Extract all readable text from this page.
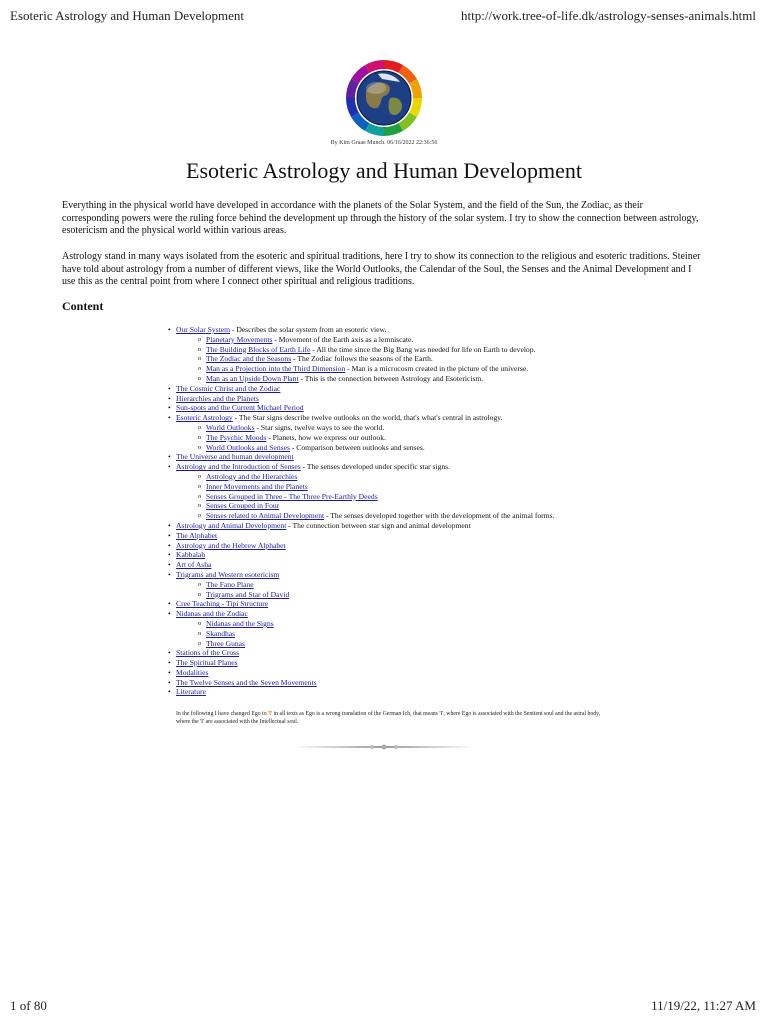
Esoteric Astrology and Human Development	http://work.tree-of-life.dk/astrology-senses-animals.html
By Kim Graae Munch. 06/16/2022 22:36:56
Esoteric Astrology and Human Development

Everything in the physical world have developed in accordance with the planets of the Solar System, and the field of the Sun, the Zodiac, as their corresponding powers were the ruling force behind the development up through the history of the solar system. I try to show the connection between astrology, esotericism and the physical world within various areas.

Astrology stand in many ways isolated from the esoteric and spiritual traditions, here I try to show its connection to the religious and esoteric traditions. Steiner have told about astrology from a number of different views, like the World Outlooks, the Calendar of the Soul, the Senses and the Animal Development and I use this as the central point from where I connect other spiritual and religious traditions.

Content
• Our Solar System - Describes the solar system from an esoteric view.
o Planetary Movements - Movement of the Earth axis as a lemniscate.
o The Building Blocks of Earth Life - All the time since the Big Bang was needed for life on Earth to develop.
o The Zodiac and the Seasons - The Zodiac follows the seasons of the Earth.
o Man as a Projection into the Third Dimension - Man is a microcosm created in the picture of the universe.
o Man as an Upside Down Plant - This is the connection between Astrology and Esotericism.
• The Cosmic Christ and the Zodiac
• Hierarchies and the Planets
• Sun-spots and the Current Michael Period
• Esoteric Astrology - The Star signs describe twelve outlooks on the world, that's what's central in astrology.
o World Outlooks - Star signs, twelve ways to see the world.
o The Psychic Moods - Planets, how we express our outlook.
o World Outlooks and Senses - Comparison between outlooks and senses.
• The Universe and human development
• Astrology and the Introduction of Senses - The senses developed under specific star signs.
o Astrology and the Hierarchies
o Inner Movements and the Planets
o Senses Grouped in Three - The Three Pre-Earthly Deeds
o Senses Grouped in Four
o Senses related to Animal Development - The senses developed together with the development of the animal forms.
• Astrology and Animal Development - The connection between star sign and animal development
• The Alphabet
• Astrology and the Hebrew Alphabet
• Kabbalah
• Art of Asha
• Trigrams and Western esotericism
o The Fano Plane
o Trigrams and Star of David
• Cree Teaching - Tipi Structure
• Nidanas and the Zodiac
o Nidanas and the Signs
o Skandhas
o Three Gunas
• Stations of the Cross
• The Spiritual Planes
• Modalities
• The Twelve Senses and the Seven Movements
• Literature

In the following I have changed Ego to 'I' in all texts as Ego is a wrong translation of the German Ich, that means 'I', where Ego is associated with the Sentient soul and the astral body, where the 'I' are associated with the Intellectual soul.

1 of 80	11/19/22, 11:27 AM
